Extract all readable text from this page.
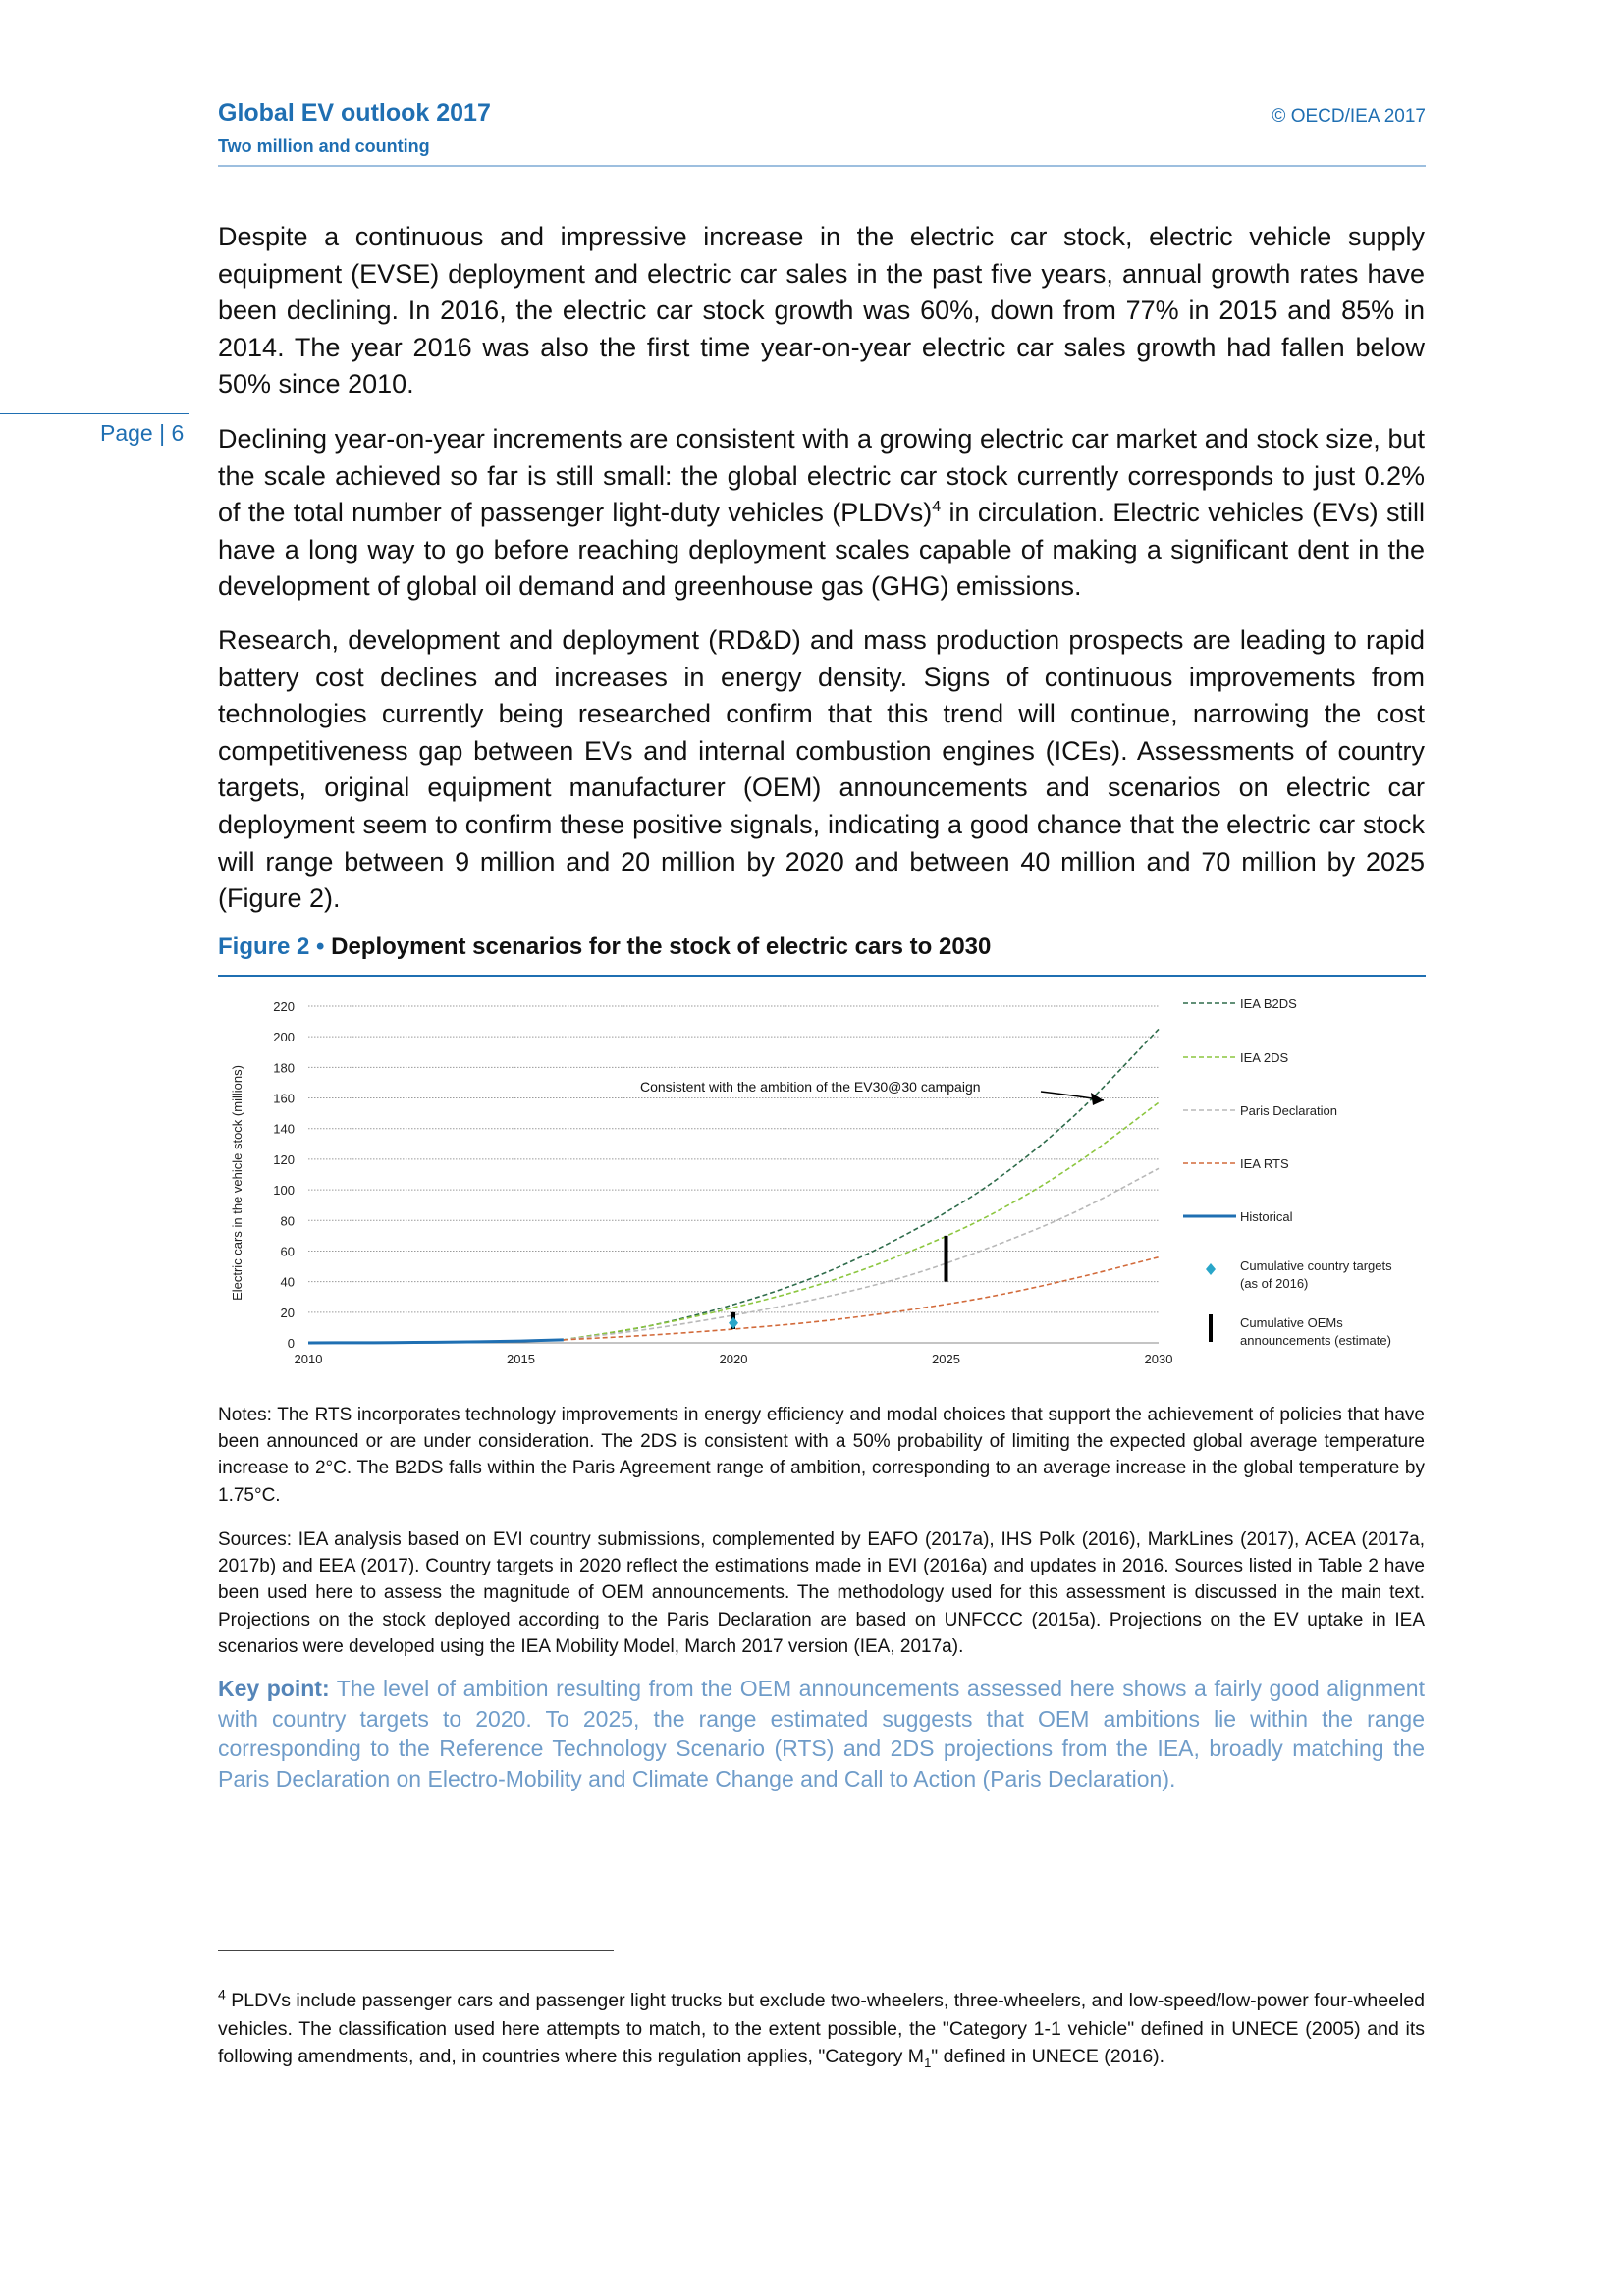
Global EV outlook 2017
Two million and counting
© OECD/IEA 2017
Page | 6

Despite a continuous and impressive increase in the electric car stock, electric vehicle supply equipment (EVSE) deployment and electric car sales in the past five years, annual growth rates have been declining. In 2016, the electric car stock growth was 60%, down from 77% in 2015 and 85% in 2014. The year 2016 was also the first time year-on-year electric car sales growth had fallen below 50% since 2010.

Declining year-on-year increments are consistent with a growing electric car market and stock size, but the scale achieved so far is still small: the global electric car stock currently corresponds to just 0.2% of the total number of passenger light-duty vehicles (PLDVs)$^4$ in circulation. Electric vehicles (EVs) still have a long way to go before reaching deployment scales capable of making a significant dent in the development of global oil demand and greenhouse gas (GHG) emissions.

Research, development and deployment (RD&D) and mass production prospects are leading to rapid battery cost declines and increases in energy density. Signs of continuous improvements from technologies currently being researched confirm that this trend will continue, narrowing the cost competitiveness gap between EVs and internal combustion engines (ICEs). Assessments of country targets, original equipment manufacturer (OEM) announcements and scenarios on electric car deployment seem to confirm these positive signals, indicating a good chance that the electric car stock will range between 9 million and 20 million by 2020 and between 40 million and 70 million by 2025 (Figure 2).

Figure 2 • Deployment scenarios for the stock of electric cars to 2030
0
20
40
60
80
100
120
140
160
180
200
220
2010	2015	2020	2025	2030
Electric cars in the vehicle stock (millions)	Consistent with the ambition of the EV30@30 campaign
IEA B2DS
IEA 2DS
Paris Declaration
IEA RTS
Historical
Cumulative country targets
(as of 2016)
Cumulative OEMs
announcements (estimate)

Notes: The RTS incorporates technology improvements in energy efficiency and modal choices that support the achievement of policies that have been announced or are under consideration. The 2DS is consistent with a 50% probability of limiting the expected global average temperature increase to 2°C. The B2DS falls within the Paris Agreement range of ambition, corresponding to an average increase in the global temperature by 1.75°C.

Sources: IEA analysis based on EVI country submissions, complemented by EAFO (2017a), IHS Polk (2016), MarkLines (2017), ACEA (2017a, 2017b) and EEA (2017). Country targets in 2020 reflect the estimations made in EVI (2016a) and updates in 2016. Sources listed in Table 2 have been used here to assess the magnitude of OEM announcements. The methodology used for this assessment is discussed in the main text. Projections on the stock deployed according to the Paris Declaration are based on UNFCCC (2015a). Projections on the EV uptake in IEA scenarios were developed using the IEA Mobility Model, March 2017 version (IEA, 2017a).

Key point: The level of ambition resulting from the OEM announcements assessed here shows a fairly good alignment with country targets to 2020. To 2025, the range estimated suggests that OEM ambitions lie within the range corresponding to the Reference Technology Scenario (RTS) and 2DS projections from the IEA, broadly matching the Paris Declaration on Electro-Mobility and Climate Change and Call to Action (Paris Declaration).

$^4$ PLDVs include passenger cars and passenger light trucks but exclude two-wheelers, three-wheelers, and low-speed/low-power four-wheeled vehicles. The classification used here attempts to match, to the extent possible, the "Category 1-1 vehicle" defined in UNECE (2005) and its following amendments, and, in countries where this regulation applies, "Category $M_1$" defined in UNECE (2016).
